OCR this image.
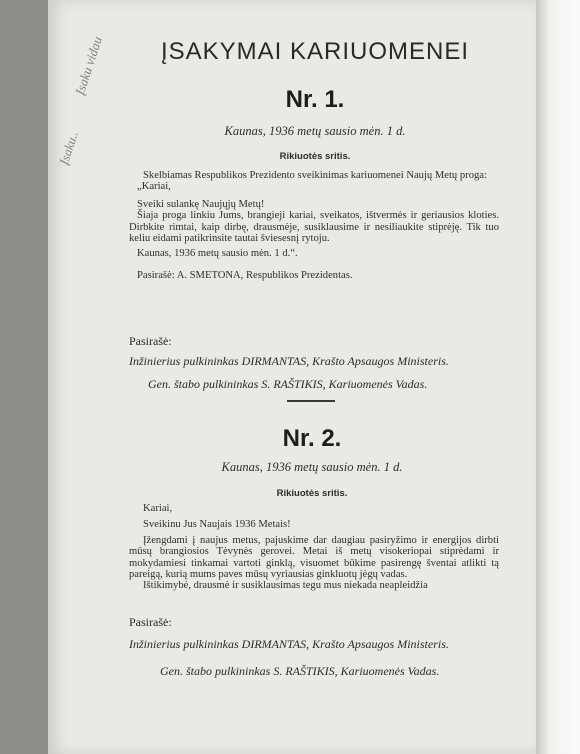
Įsaku vidau
Įsaku..
ĮSAKYMAI KARIUOMENEI
Nr. 1.
Kaunas, 1936 metų sausio mėn. 1 d.
Rikiuotės sritis.

Skelbiamas Respublikos Prezidento sveikinimas kariuomenei Naujų Metų proga:

„Kariai,

Sveiki sulankę Naujųjų Metų!

Šiaja proga linkiu Jums, brangieji kariai, sveikatos, ištvermės ir geriausios kloties. Dirbkite rimtai, kaip dirbę, drausmėje, susiklausime ir nesiliaukite stiprėję. Tik tuo keliu eidami patikrinsite tautai šviesesnį rytoju.

Kaunas, 1936 metų sausio mėn. 1 d.“.

Pasirašė: A. SMETONA, Respublikos Prezidentas.

Pasirašė:
Inžinierius pulkininkas DIRMANTAS, Krašto Apsaugos Ministeris.
Gen. štabo pulkininkas S. RAŠTIKIS, Kariuomenės Vadas.
Nr. 2.
Kaunas, 1936 metų sausio mėn. 1 d.
Rikiuotės sritis.

Kariai,

Sveikinu Jus Naujais 1936 Metais!

Įžengdami į naujus metus, pajuskime dar daugiau pasiryžimo ir energijos dirbti mūsų brangiosios Tėvynės gerovei. Metai iš metų visokeriopai stiprėdami ir mokydamiesi tinkamai vartoti ginklą, visuomet būkime pasirengę šventai atlikti tą pareigą, kurią mums paves mūsų vyriausias ginkluotų jėgų vadas.

Ištikimybė, drausmė ir susiklausimas tegu mus niekada neapleidžia

Pasirašė:
Inžinierius pulkininkas DIRMANTAS, Krašto Apsaugos Ministeris.
Gen. štabo pulkininkas S. RAŠTIKIS, Kariuomenės Vadas.
